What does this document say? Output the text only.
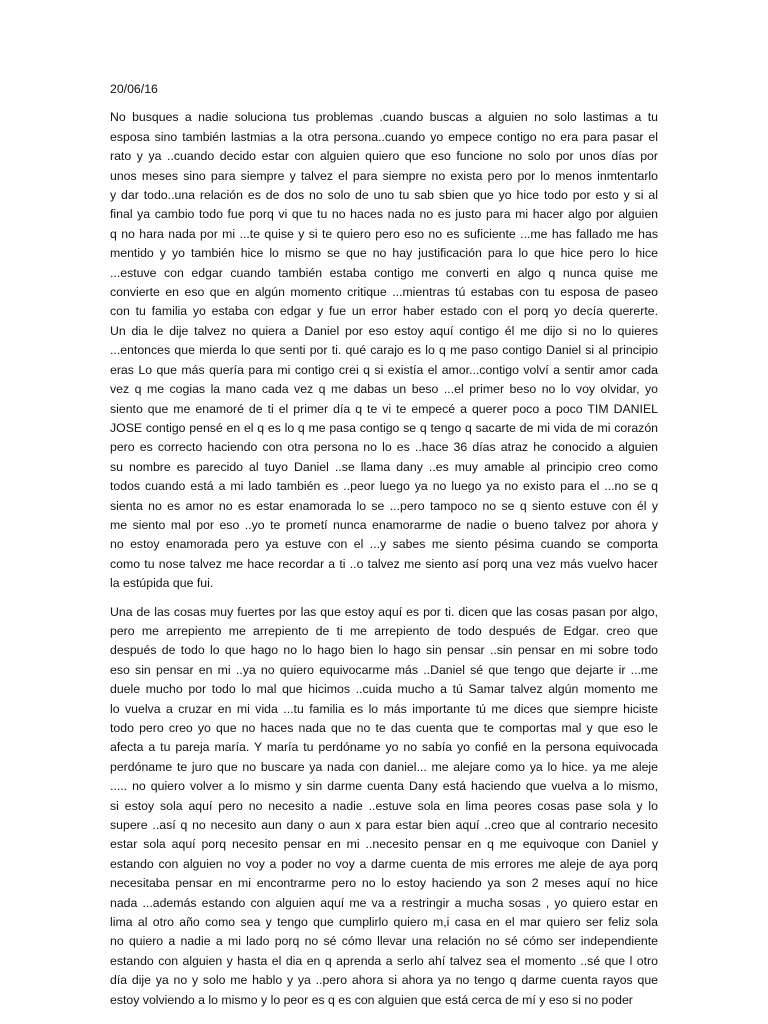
20/06/16
No busques a nadie soluciona tus problemas .cuando buscas a alguien no solo lastimas a tu
esposa sino también lastmias a la otra persona..cuando yo empece contigo no era para pasar el
rato y ya ..cuando decido estar con alguien quiero que eso funcione no solo por unos días por
unos meses sino para siempre y talvez el para siempre no exista pero por lo menos inmtentarlo
y dar todo..una relación es de dos no solo de uno tu sab sbien que yo hice todo por esto y si al
final ya cambio todo fue porq vi que tu no haces nada no es justo para mi hacer algo por alguien
q no hara nada por mi ...te quise y si te quiero pero eso no es suficiente ...me has fallado me has
mentido y yo también hice lo mismo se que no hay justificación para lo que hice pero lo hice
...estuve con edgar cuando también estaba contigo me converti en algo q nunca quise me
convierte en eso que en algún momento critique ...mientras tú estabas con tu esposa de paseo
con tu familia yo estaba con edgar y fue un error haber estado con el porq yo decía quererte.
Un dia le dije talvez no quiera a Daniel por eso estoy aquí contigo él me dijo si no lo quieres
...entonces que mierda lo que senti por ti. qué carajo es lo q me paso contigo Daniel si al principio
eras Lo que más quería para mi contigo crei q si existía el amor...contigo volví a sentir amor cada
vez q me cogias la mano cada vez q me dabas un beso ...el primer beso no lo voy olvidar, yo
siento que me enamoré de ti el primer día q te vi te empecé a querer poco a poco TIM DANIEL
JOSE contigo pensé en el q es lo q me pasa contigo se q tengo q sacarte de mi vida de mi corazón
pero es correcto haciendo con otra persona no lo es ..hace 36 días atraz he conocido a alguien
su nombre es parecido al tuyo Daniel ..se llama dany ..es muy amable al principio creo como
todos cuando está a mi lado también es ..peor luego ya no luego ya no existo para el ...no se q
sienta no es amor no es estar enamorada lo se ...pero tampoco no se q siento estuve con él y
me siento mal por eso ..yo te prometí nunca enamorarme de nadie o bueno talvez por ahora y
no estoy enamorada pero ya estuve con el ...y sabes me siento pésima cuando se comporta
como tu nose talvez me hace recordar a ti ..o talvez me siento así porq una vez más vuelvo hacer
la estúpida que fui.
Una de las cosas muy fuertes por las que estoy aquí es por ti. dicen que las cosas pasan por algo,
pero me arrepiento me arrepiento de ti me arrepiento de todo después de Edgar. creo que
después de todo lo que hago no lo hago bien lo hago sin pensar ..sin pensar en mi sobre todo
eso sin pensar en mi ..ya no quiero equivocarme más ..Daniel sé que tengo que dejarte ir ...me
duele mucho por todo lo mal que hicimos ..cuida mucho a tú Samar talvez algún momento me
lo vuelva a cruzar en mi vida ...tu familia es lo más importante tú me dices que siempre hiciste
todo pero creo yo que no haces nada que no te das cuenta que te comportas mal y que eso le
afecta a tu pareja maría. Y maría tu perdóname yo no sabía yo confié en la persona equivocada
perdóname te juro que no buscare ya nada con daniel... me alejare como ya lo hice. ya me aleje
..... no quiero volver a lo mismo y sin darme cuenta Dany está haciendo que vuelva a lo mismo,
si estoy sola aquí pero no necesito a nadie ..estuve sola en lima peores cosas pase sola y lo
supere ..así q no necesito aun dany o aun x para estar bien aquí ..creo que al contrario necesito
estar sola aquí porq necesito pensar en mi ..necesito pensar en q me equivoque con Daniel y
estando con alguien no voy a poder no voy a darme cuenta de mis errores me aleje de aya porq
necesitaba pensar en mi encontrarme pero no lo estoy haciendo ya son 2 meses aquí no hice
nada ...además estando con alguien aquí me va a restringir a mucha sosas , yo quiero estar en
lima al otro año como sea y tengo que cumplirlo quiero m,i casa en el mar quiero ser feliz sola
no quiero a nadie a mi lado porq no sé cómo llevar una relación no sé cómo ser independiente
estando con alguien y hasta el dia en q aprenda a serlo ahí talvez sea el momento ..sé que l otro
día dije ya no y solo me hablo y ya ..pero ahora si ahora ya no tengo q darme cuenta rayos que
estoy volviendo a lo mismo y lo peor es q es con alguien que está cerca de mí y eso si no poder
